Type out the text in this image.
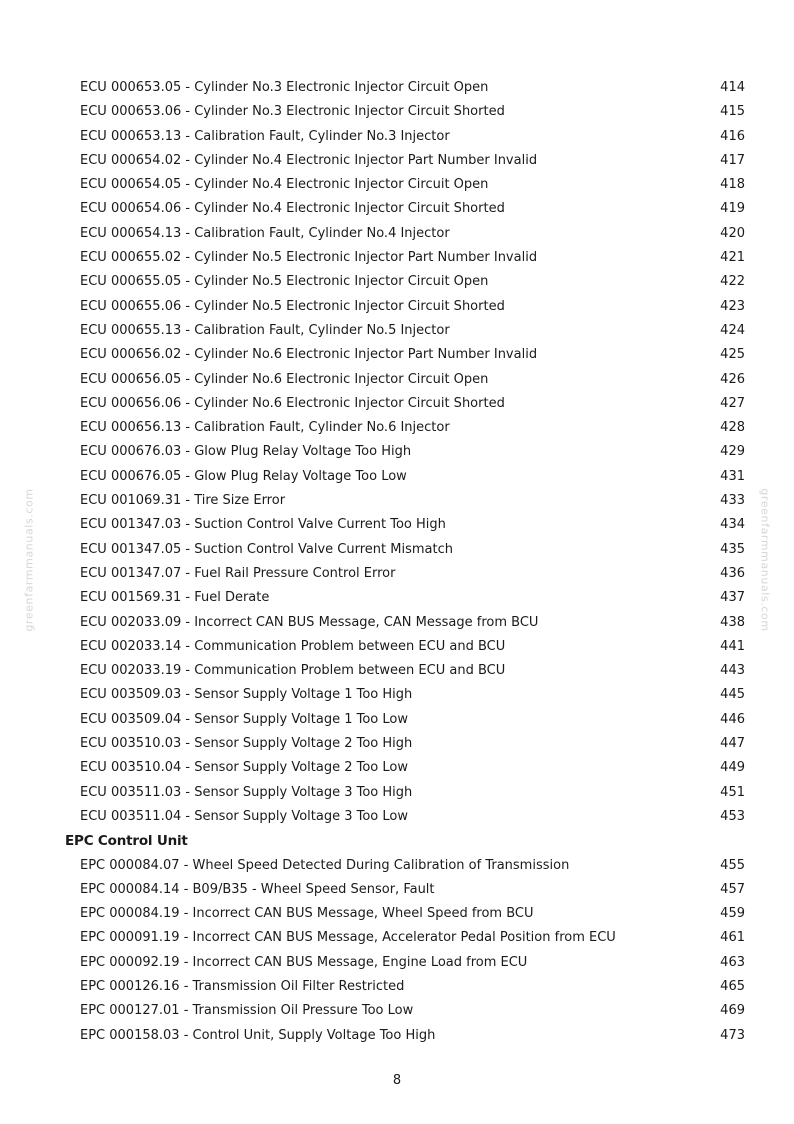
greenfarmmanuals.com	greenfarmmanuals.com
ECU 000653.05 - Cylinder No.3 Electronic Injector Circuit Open	414
ECU 000653.06 - Cylinder No.3 Electronic Injector Circuit Shorted	415
ECU 000653.13 - Calibration Fault, Cylinder No.3 Injector	416
ECU 000654.02 - Cylinder No.4 Electronic Injector Part Number Invalid	417
ECU 000654.05 - Cylinder No.4 Electronic Injector Circuit Open	418
ECU 000654.06 - Cylinder No.4 Electronic Injector Circuit Shorted	419
ECU 000654.13 - Calibration Fault, Cylinder No.4 Injector	420
ECU 000655.02 - Cylinder No.5 Electronic Injector Part Number Invalid	421
ECU 000655.05 - Cylinder No.5 Electronic Injector Circuit Open	422
ECU 000655.06 - Cylinder No.5 Electronic Injector Circuit Shorted	423
ECU 000655.13 - Calibration Fault, Cylinder No.5 Injector	424
ECU 000656.02 - Cylinder No.6 Electronic Injector Part Number Invalid	425
ECU 000656.05 - Cylinder No.6 Electronic Injector Circuit Open	426
ECU 000656.06 - Cylinder No.6 Electronic Injector Circuit Shorted	427
ECU 000656.13 - Calibration Fault, Cylinder No.6 Injector	428
ECU 000676.03 - Glow Plug Relay Voltage Too High	429
ECU 000676.05 - Glow Plug Relay Voltage Too Low	431
ECU 001069.31 - Tire Size Error	433
ECU 001347.03 - Suction Control Valve Current Too High	434
ECU 001347.05 - Suction Control Valve Current Mismatch	435
ECU 001347.07 - Fuel Rail Pressure Control Error	436
ECU 001569.31 - Fuel Derate	437
ECU 002033.09 - Incorrect CAN BUS Message, CAN Message from BCU	438
ECU 002033.14 - Communication Problem between ECU and BCU	441
ECU 002033.19 - Communication Problem between ECU and BCU	443
ECU 003509.03 - Sensor Supply Voltage 1 Too High	445
ECU 003509.04 - Sensor Supply Voltage 1 Too Low	446
ECU 003510.03 - Sensor Supply Voltage 2 Too High	447
ECU 003510.04 - Sensor Supply Voltage 2 Too Low	449
ECU 003511.03 - Sensor Supply Voltage 3 Too High	451
ECU 003511.04 - Sensor Supply Voltage 3 Too Low	453
EPC Control Unit
EPC 000084.07 - Wheel Speed Detected During Calibration of Transmission	455
EPC 000084.14 - B09/B35 - Wheel Speed Sensor, Fault	457
EPC 000084.19 - Incorrect CAN BUS Message, Wheel Speed from BCU	459
EPC 000091.19 - Incorrect CAN BUS Message, Accelerator Pedal Position from ECU	461
EPC 000092.19 - Incorrect CAN BUS Message, Engine Load from ECU	463
EPC 000126.16 - Transmission Oil Filter Restricted	465
EPC 000127.01 - Transmission Oil Pressure Too Low	469
EPC 000158.03 - Control Unit, Supply Voltage Too High	473
8
